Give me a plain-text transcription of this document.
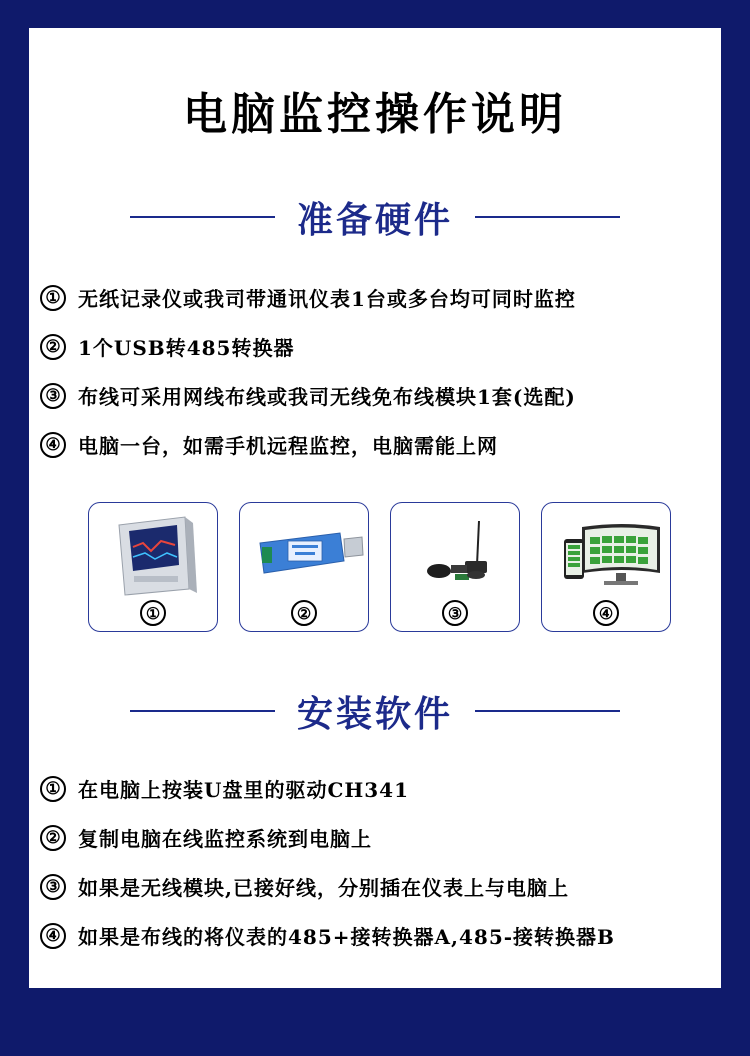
电脑监控操作说明
准备硬件
① 无纸记录仪或我司带通讯仪表1台或多台均可同时监控
② 1个USB转485转换器
③ 布线可采用网线布线或我司无线免布线模块1套(选配)
④ 电脑一台，如需手机远程监控，电脑需能上网
①	②	③	④
安装软件
① 在电脑上按装U盘里的驱动CH341
② 复制电脑在线监控系统到电脑上
③ 如果是无线模块,已接好线，分别插在仪表上与电脑上
④ 如果是布线的将仪表的485+接转换器A,485-接转换器B
